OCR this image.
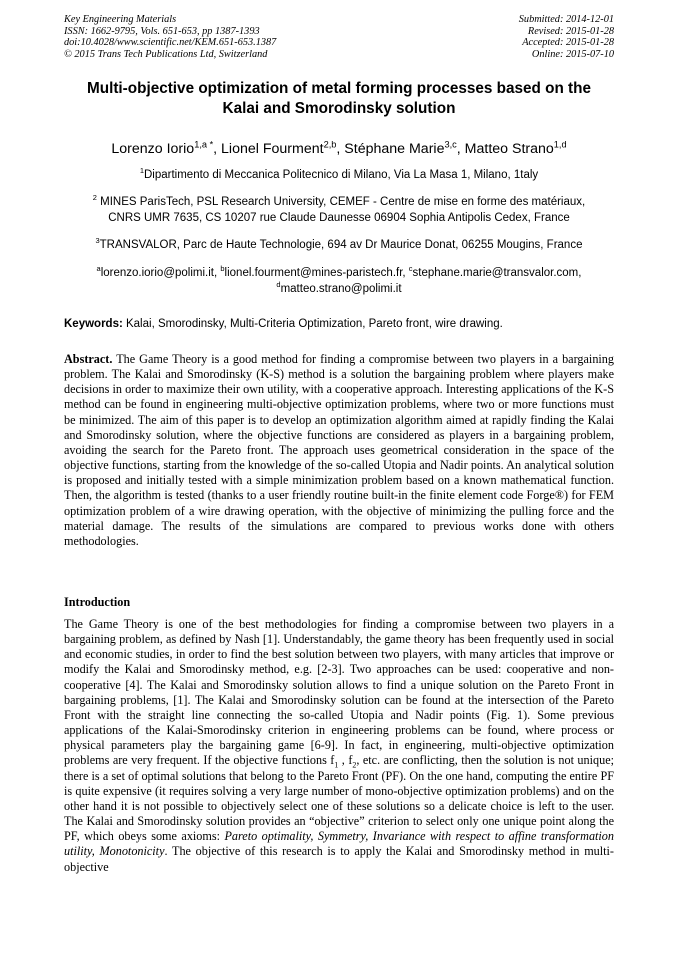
Key Engineering Materials
ISSN: 1662-9795, Vols. 651-653, pp 1387-1393
doi:10.4028/www.scientific.net/KEM.651-653.1387
© 2015 Trans Tech Publications Ltd, Switzerland
Submitted: 2014-12-01
Revised: 2015-01-28
Accepted: 2015-01-28
Online: 2015-07-10
Multi-objective optimization of metal forming processes based on the
Kalai and Smorodinsky solution
Lorenzo Iorio$^{1,a *}$, Lionel Fourment$^{2,b}$, Stéphane Marie$^{3,c}$, Matteo Strano$^{1,d}$
$^1$Dipartimento di Meccanica Politecnico di Milano, Via La Masa 1, Milano, 1taly
$^2$ MINES ParisTech, PSL Research University, CEMEF - Centre de mise en forme des matériaux,
CNRS UMR 7635, CS 10207 rue Claude Daunesse 06904 Sophia Antipolis Cedex, France
$^3$TRANSVALOR, Parc de Haute Technologie, 694 av Dr Maurice Donat, 06255 Mougins, France
$^a$lorenzo.iorio@polimi.it, $^b$lionel.fourment@mines-paristech.fr, $^c$stephane.marie@transvalor.com,
$^d$matteo.strano@polimi.it
Keywords: Kalai, Smorodinsky, Multi-Criteria Optimization, Pareto front, wire drawing.
Abstract. The Game Theory is a good method for finding a compromise between two players in a bargaining problem. The Kalai and Smorodinsky (K-S) method is a solution the bargaining problem where players make decisions in order to maximize their own utility, with a cooperative approach. Interesting applications of the K-S method can be found in engineering multi-objective optimization problems, where two or more functions must be minimized. The aim of this paper is to develop an optimization algorithm aimed at rapidly finding the Kalai and Smorodinsky solution, where the objective functions are considered as players in a bargaining problem, avoiding the search for the Pareto front. The approach uses geometrical consideration in the space of the objective functions, starting from the knowledge of the so-called Utopia and Nadir points. An analytical solution is proposed and initially tested with a simple minimization problem based on a known mathematical function. Then, the algorithm is tested (thanks to a user friendly routine built-in the finite element code Forge®) for FEM optimization problem of a wire drawing operation, with the objective of minimizing the pulling force and the material damage. The results of the simulations are compared to previous works done with others methodologies.
Introduction
The Game Theory is one of the best methodologies for finding a compromise between two players in a bargaining problem, as defined by Nash [1]. Understandably, the game theory has been frequently used in social and economic studies, in order to find the best solution between two players, with many articles that improve or modify the Kalai and Smorodinsky method, e.g. [2-3]. Two approaches can be used: cooperative and non-cooperative [4]. The Kalai and Smorodinsky solution allows to find a unique solution on the Pareto Front in bargaining problems, [1]. The Kalai and Smorodinsky solution can be found at the intersection of the Pareto Front with the straight line connecting the so-called Utopia and Nadir points (Fig. 1). Some previous applications of the Kalai-Smorodinsky criterion in engineering problems can be found, where process or physical parameters play the bargaining game [6-9]. In fact, in engineering, multi-objective optimization problems are very frequent. If the objective functions $f_1$ , $f_2$, etc. are conflicting, then the solution is not unique; there is a set of optimal solutions that belong to the Pareto Front (PF). On the one hand, computing the entire PF is quite expensive (it requires solving a very large number of mono-objective optimization problems) and on the other hand it is not possible to objectively select one of these solutions so a delicate choice is left to the user. The Kalai and Smorodinsky solution provides an “objective” criterion to select only one unique point along the PF, which obeys some axioms: Pareto optimality, Symmetry, Invariance with respect to affine transformation utility, Monotonicity. The objective of this research is to apply the Kalai and Smorodinsky method in multi-objective
